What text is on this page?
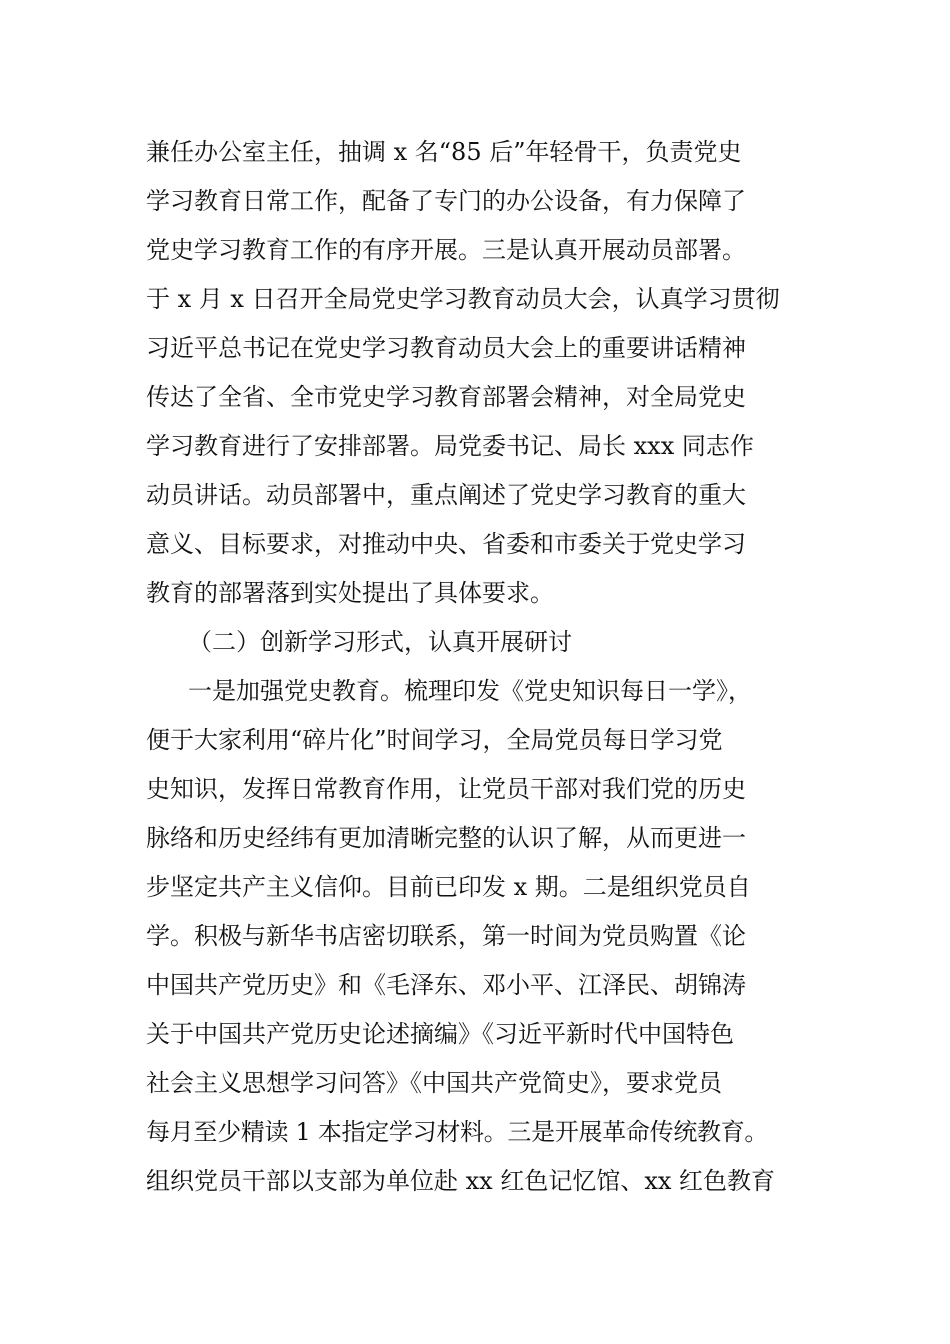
兼任办公室主任，抽调 x 名“85 后”年轻骨干，负责党史
学习教育日常工作，配备了专门的办公设备，有力保障了
党史学习教育工作的有序开展。三是认真开展动员部署。
于 x 月 x 日召开全局党史学习教育动员大会，认真学习贯彻
习近平总书记在党史学习教育动员大会上的重要讲话精神
传达了全省、全市党史学习教育部署会精神，对全局党史
学习教育进行了安排部署。局党委书记、局长 xxx 同志作
动员讲话。动员部署中，重点阐述了党史学习教育的重大
意义、目标要求，对推动中央、省委和市委关于党史学习
教育的部署落到实处提出了具体要求。
（二）创新学习形式，认真开展研讨
一是加强党史教育。梳理印发《党史知识每日一学》，
便于大家利用“碎片化”时间学习，全局党员每日学习党
史知识，发挥日常教育作用，让党员干部对我们党的历史
脉络和历史经纬有更加清晰完整的认识了解，从而更进一
步坚定共产主义信仰。目前已印发 x 期。二是组织党员自
学。积极与新华书店密切联系，第一时间为党员购置《论
中国共产党历史》和《毛泽东、邓小平、江泽民、胡锦涛
关于中国共产党历史论述摘编》《习近平新时代中国特色
社会主义思想学习问答》《中国共产党简史》，要求党员
每月至少精读 1 本指定学习材料。三是开展革命传统教育。
组织党员干部以支部为单位赴 xx 红色记忆馆、xx 红色教育
